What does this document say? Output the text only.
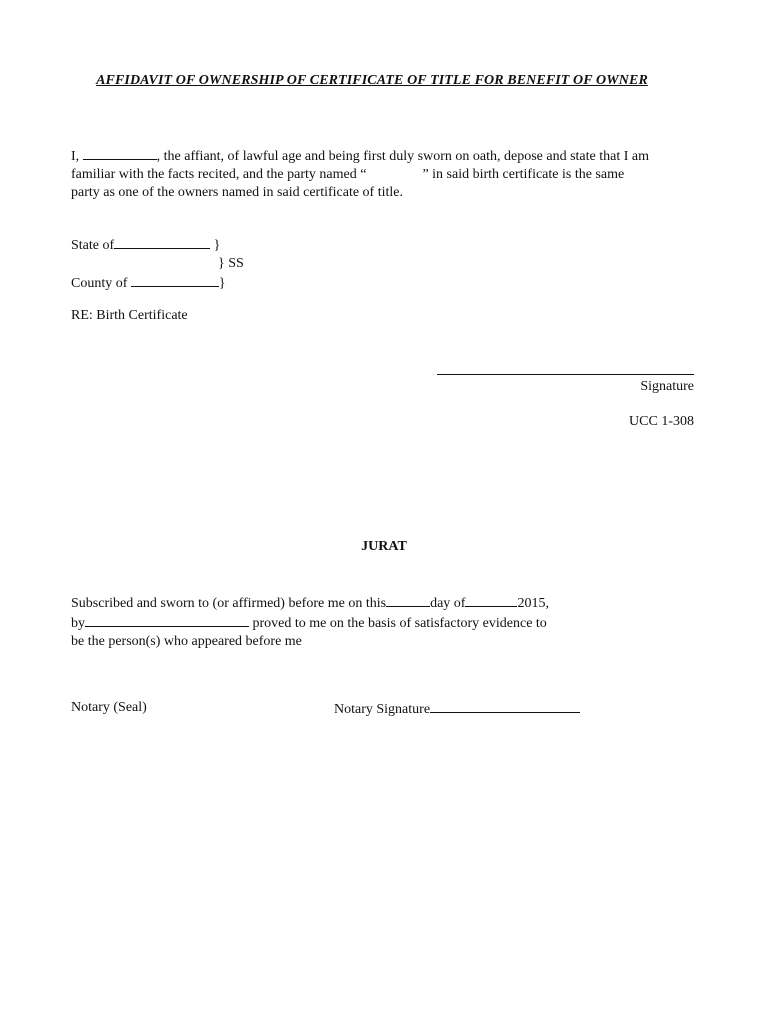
AFFIDAVIT OF OWNERSHIP OF CERTIFICATE OF TITLE FOR BENEFIT OF OWNER
I,	, the affiant, of lawful age and being first duly sworn on oath, depose and state that I am
familiar with the facts recited, and the party named “	” in said birth certificate is the same
party as one of the owners named in said certificate of title.
State of	}
} SS
County of	}
RE: Birth Certificate
Signature
UCC 1-308
JURAT
Subscribed and sworn to (or affirmed) before me on this	day of	2015,
by	proved to me on the basis of satisfactory evidence to
be the person(s) who appeared before me
Notary (Seal)	Notary Signature
